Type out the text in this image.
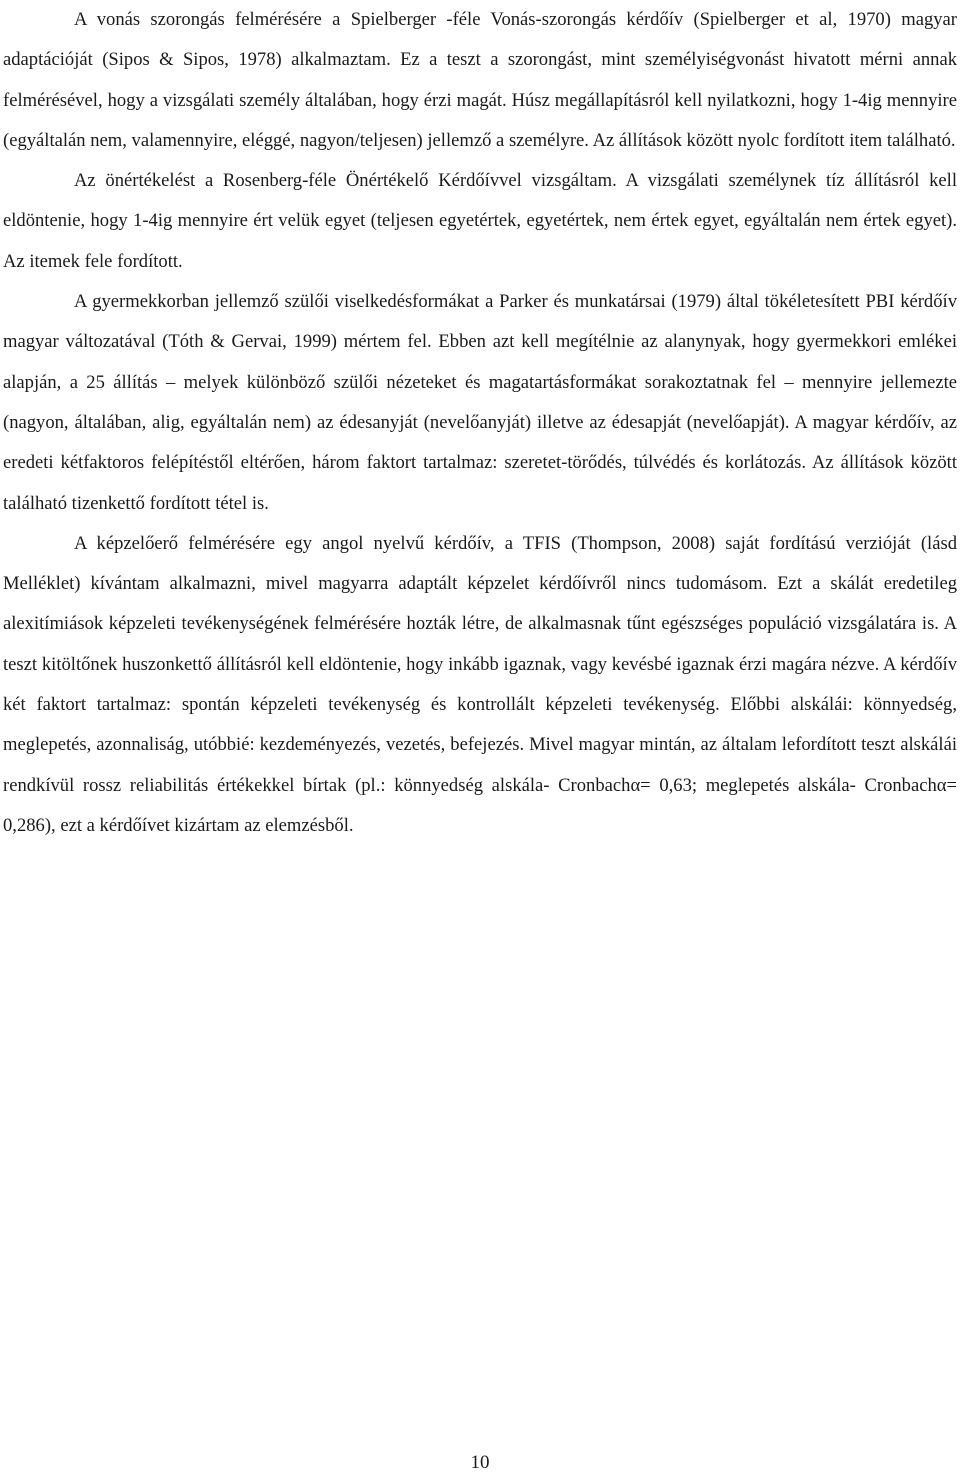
A vonás szorongás felmérésére a Spielberger -féle Vonás-szorongás kérdőív (Spielberger et al, 1970) magyar adaptációját (Sipos & Sipos, 1978) alkalmaztam. Ez a teszt a szorongást, mint személyiségvonást hivatott mérni annak felmérésével, hogy a vizsgálati személy általában, hogy érzi magát. Húsz megállapításról kell nyilatkozni, hogy 1-4ig mennyire (egyáltalán nem, valamennyire, eléggé, nagyon/teljesen) jellemző a személyre. Az állítások között nyolc fordított item található.

Az önértékelést a Rosenberg-féle Önértékelő Kérdőívvel vizsgáltam. A vizsgálati személynek tíz állításról kell eldöntenie, hogy 1-4ig mennyire ért velük egyet (teljesen egyetértek, egyetértek, nem értek egyet, egyáltalán nem értek egyet). Az itemek fele fordított.

A gyermekkorban jellemző szülői viselkedésformákat a Parker és munkatársai (1979) által tökéletesített PBI kérdőív magyar változatával (Tóth & Gervai, 1999) mértem fel. Ebben azt kell megítélnie az alanynyak, hogy gyermekkori emlékei alapján, a 25 állítás – melyek különböző szülői nézeteket és magatartásformákat sorakoztatnak fel – mennyire jellemezte (nagyon, általában, alig, egyáltalán nem) az édesanyját (nevelőanyját) illetve az édesapját (nevelőapját). A magyar kérdőív, az eredeti kétfaktoros felépítéstől eltérően, három faktort tartalmaz: szeretet-törődés, túlvédés és korlátozás. Az állítások között található tizenkettő fordított tétel is.

A képzelőerő felmérésére egy angol nyelvű kérdőív, a TFIS (Thompson, 2008) saját fordítású verzióját (lásd Melléklet) kívántam alkalmazni, mivel magyarra adaptált képzelet kérdőívről nincs tudomásom. Ezt a skálát eredetileg alexitímiások képzeleti tevékenységének felmérésére hozták létre, de alkalmasnak tűnt egészséges populáció vizsgálatára is. A teszt kitöltőnek huszonkettő állításról kell eldöntenie, hogy inkább igaznak, vagy kevésbé igaznak érzi magára nézve. A kérdőív két faktort tartalmaz: spontán képzeleti tevékenység és kontrollált képzeleti tevékenység. Előbbi alskálái: könnyedség, meglepetés, azonnaliság, utóbbié: kezdeményezés, vezetés, befejezés. Mivel magyar mintán, az általam lefordított teszt alskálái rendkívül rossz reliabilitás értékekkel bírtak (pl.: könnyedség alskála- Cronbachα= 0,63; meglepetés alskála- Cronbachα= 0,286), ezt a kérdőívet kizártam az elemzésből.

10
